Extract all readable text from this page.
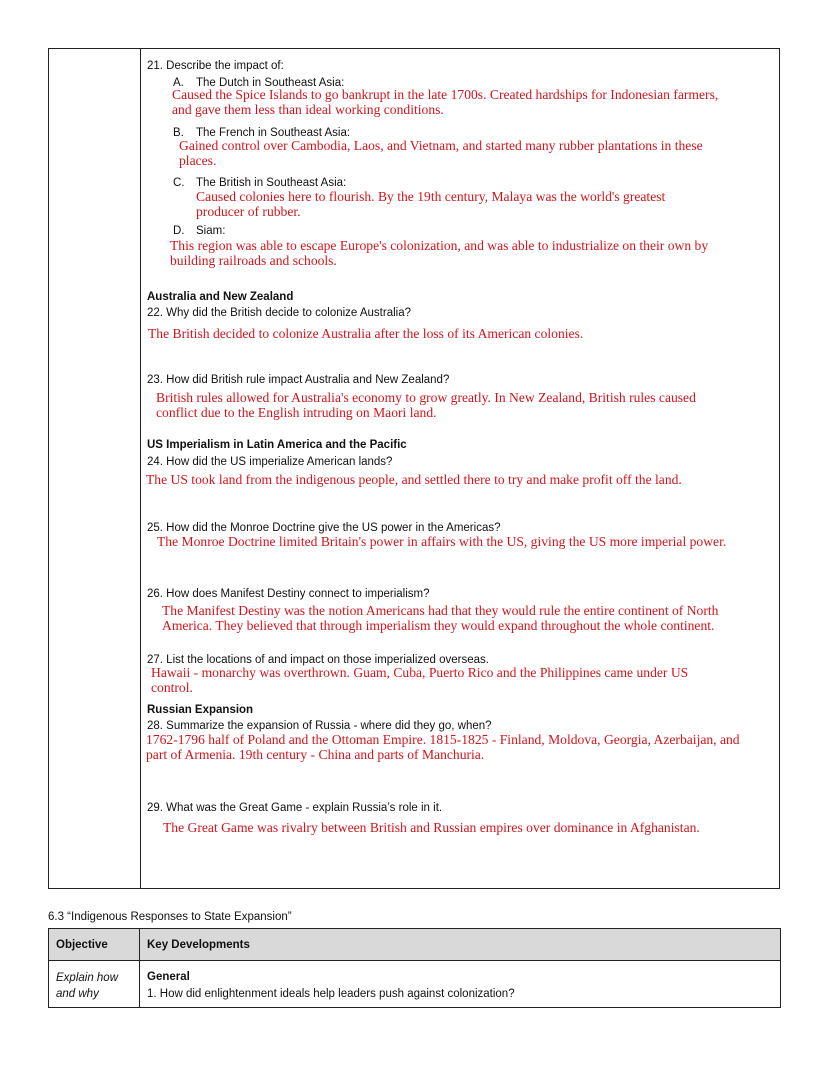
21. Describe the impact of:
A. The Dutch in Southeast Asia:
Caused the Spice Islands to go bankrupt in the late 1700s. Created hardships for Indonesian farmers, and gave them less than ideal working conditions.
B. The French in Southeast Asia:
Gained control over Cambodia, Laos, and Vietnam, and started many rubber plantations in these places.
C. The British in Southeast Asia:
Caused colonies here to flourish. By the 19th century, Malaya was the world's greatest producer of rubber.
D. Siam:
This region was able to escape Europe's colonization, and was able to industrialize on their own by building railroads and schools.
Australia and New Zealand
22. Why did the British decide to colonize Australia?
The British decided to colonize Australia after the loss of its American colonies.
23. How did British rule impact Australia and New Zealand?
British rules allowed for Australia's economy to grow greatly. In New Zealand, British rules caused conflict due to the English intruding on Maori land.
US Imperialism in Latin America and the Pacific
24. How did the US imperialize American lands?
The US took land from the indigenous people, and settled there to try and make profit off the land.
25. How did the Monroe Doctrine give the US power in the Americas?
The Monroe Doctrine limited Britain's power in affairs with the US, giving the US more imperial power.
26. How does Manifest Destiny connect to imperialism?
The Manifest Destiny was the notion Americans had that they would rule the entire continent of North America. They believed that through imperialism they would expand throughout the whole continent.
27. List the locations of and impact on those imperialized overseas.
Hawaii - monarchy was overthrown. Guam, Cuba, Puerto Rico and the Philippines came under US control.
Russian Expansion
28. Summarize the expansion of Russia - where did they go, when?
1762-1796 half of Poland and the Ottoman Empire. 1815-1825 - Finland, Moldova, Georgia, Azerbaijan, and part of Armenia. 19th century - China and parts of Manchuria.
29. What was the Great Game - explain Russia’s role in it.
The Great Game was rivalry between British and Russian empires over dominance in Afghanistan.
6.3 “Indigenous Responses to State Expansion”
Objective	Key Developments
Explain how and why
General
1. How did enlightenment ideals help leaders push against colonization?
